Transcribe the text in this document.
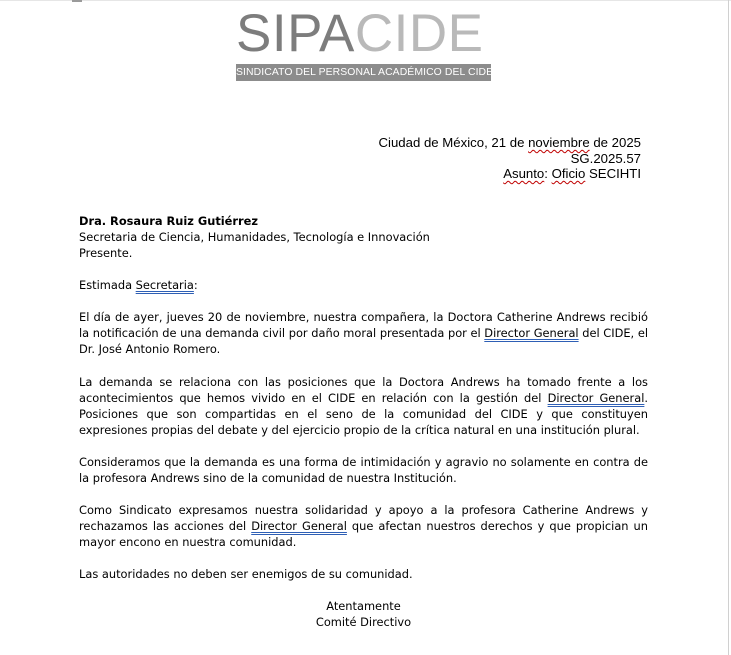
SIPACIDE
SINDICATO DEL PERSONAL ACADÉMICO DEL CIDE
Ciudad de México, 21 de noviembre de 2025
SG.2025.57
Asunto: Oficio SECIHTI
Dra. Rosaura Ruiz Gutiérrez
Secretaria de Ciencia, Humanidades, Tecnología e Innovación
Presente.
Estimada Secretaria:
El día de ayer, jueves 20 de noviembre, nuestra compañera, la Doctora Catherine Andrews recibió la notificación de una demanda civil por daño moral presentada por el Director General del CIDE, el Dr. José Antonio Romero.
La demanda se relaciona con las posiciones que la Doctora Andrews ha tomado frente a los acontecimientos que hemos vivido en el CIDE en relación con la gestión del Director General. Posiciones que son compartidas en el seno de la comunidad del CIDE y que constituyen expresiones propias del debate y del ejercicio propio de la crítica natural en una institución plural.
Consideramos que la demanda es una forma de intimidación y agravio no solamente en contra de la profesora Andrews sino de la comunidad de nuestra Institución.
Como Sindicato expresamos nuestra solidaridad y apoyo a la profesora Catherine Andrews y rechazamos las acciones del Director General que afectan nuestros derechos y que propician un mayor encono en nuestra comunidad.
Las autoridades no deben ser enemigos de su comunidad.
Atentamente
Comité Directivo
